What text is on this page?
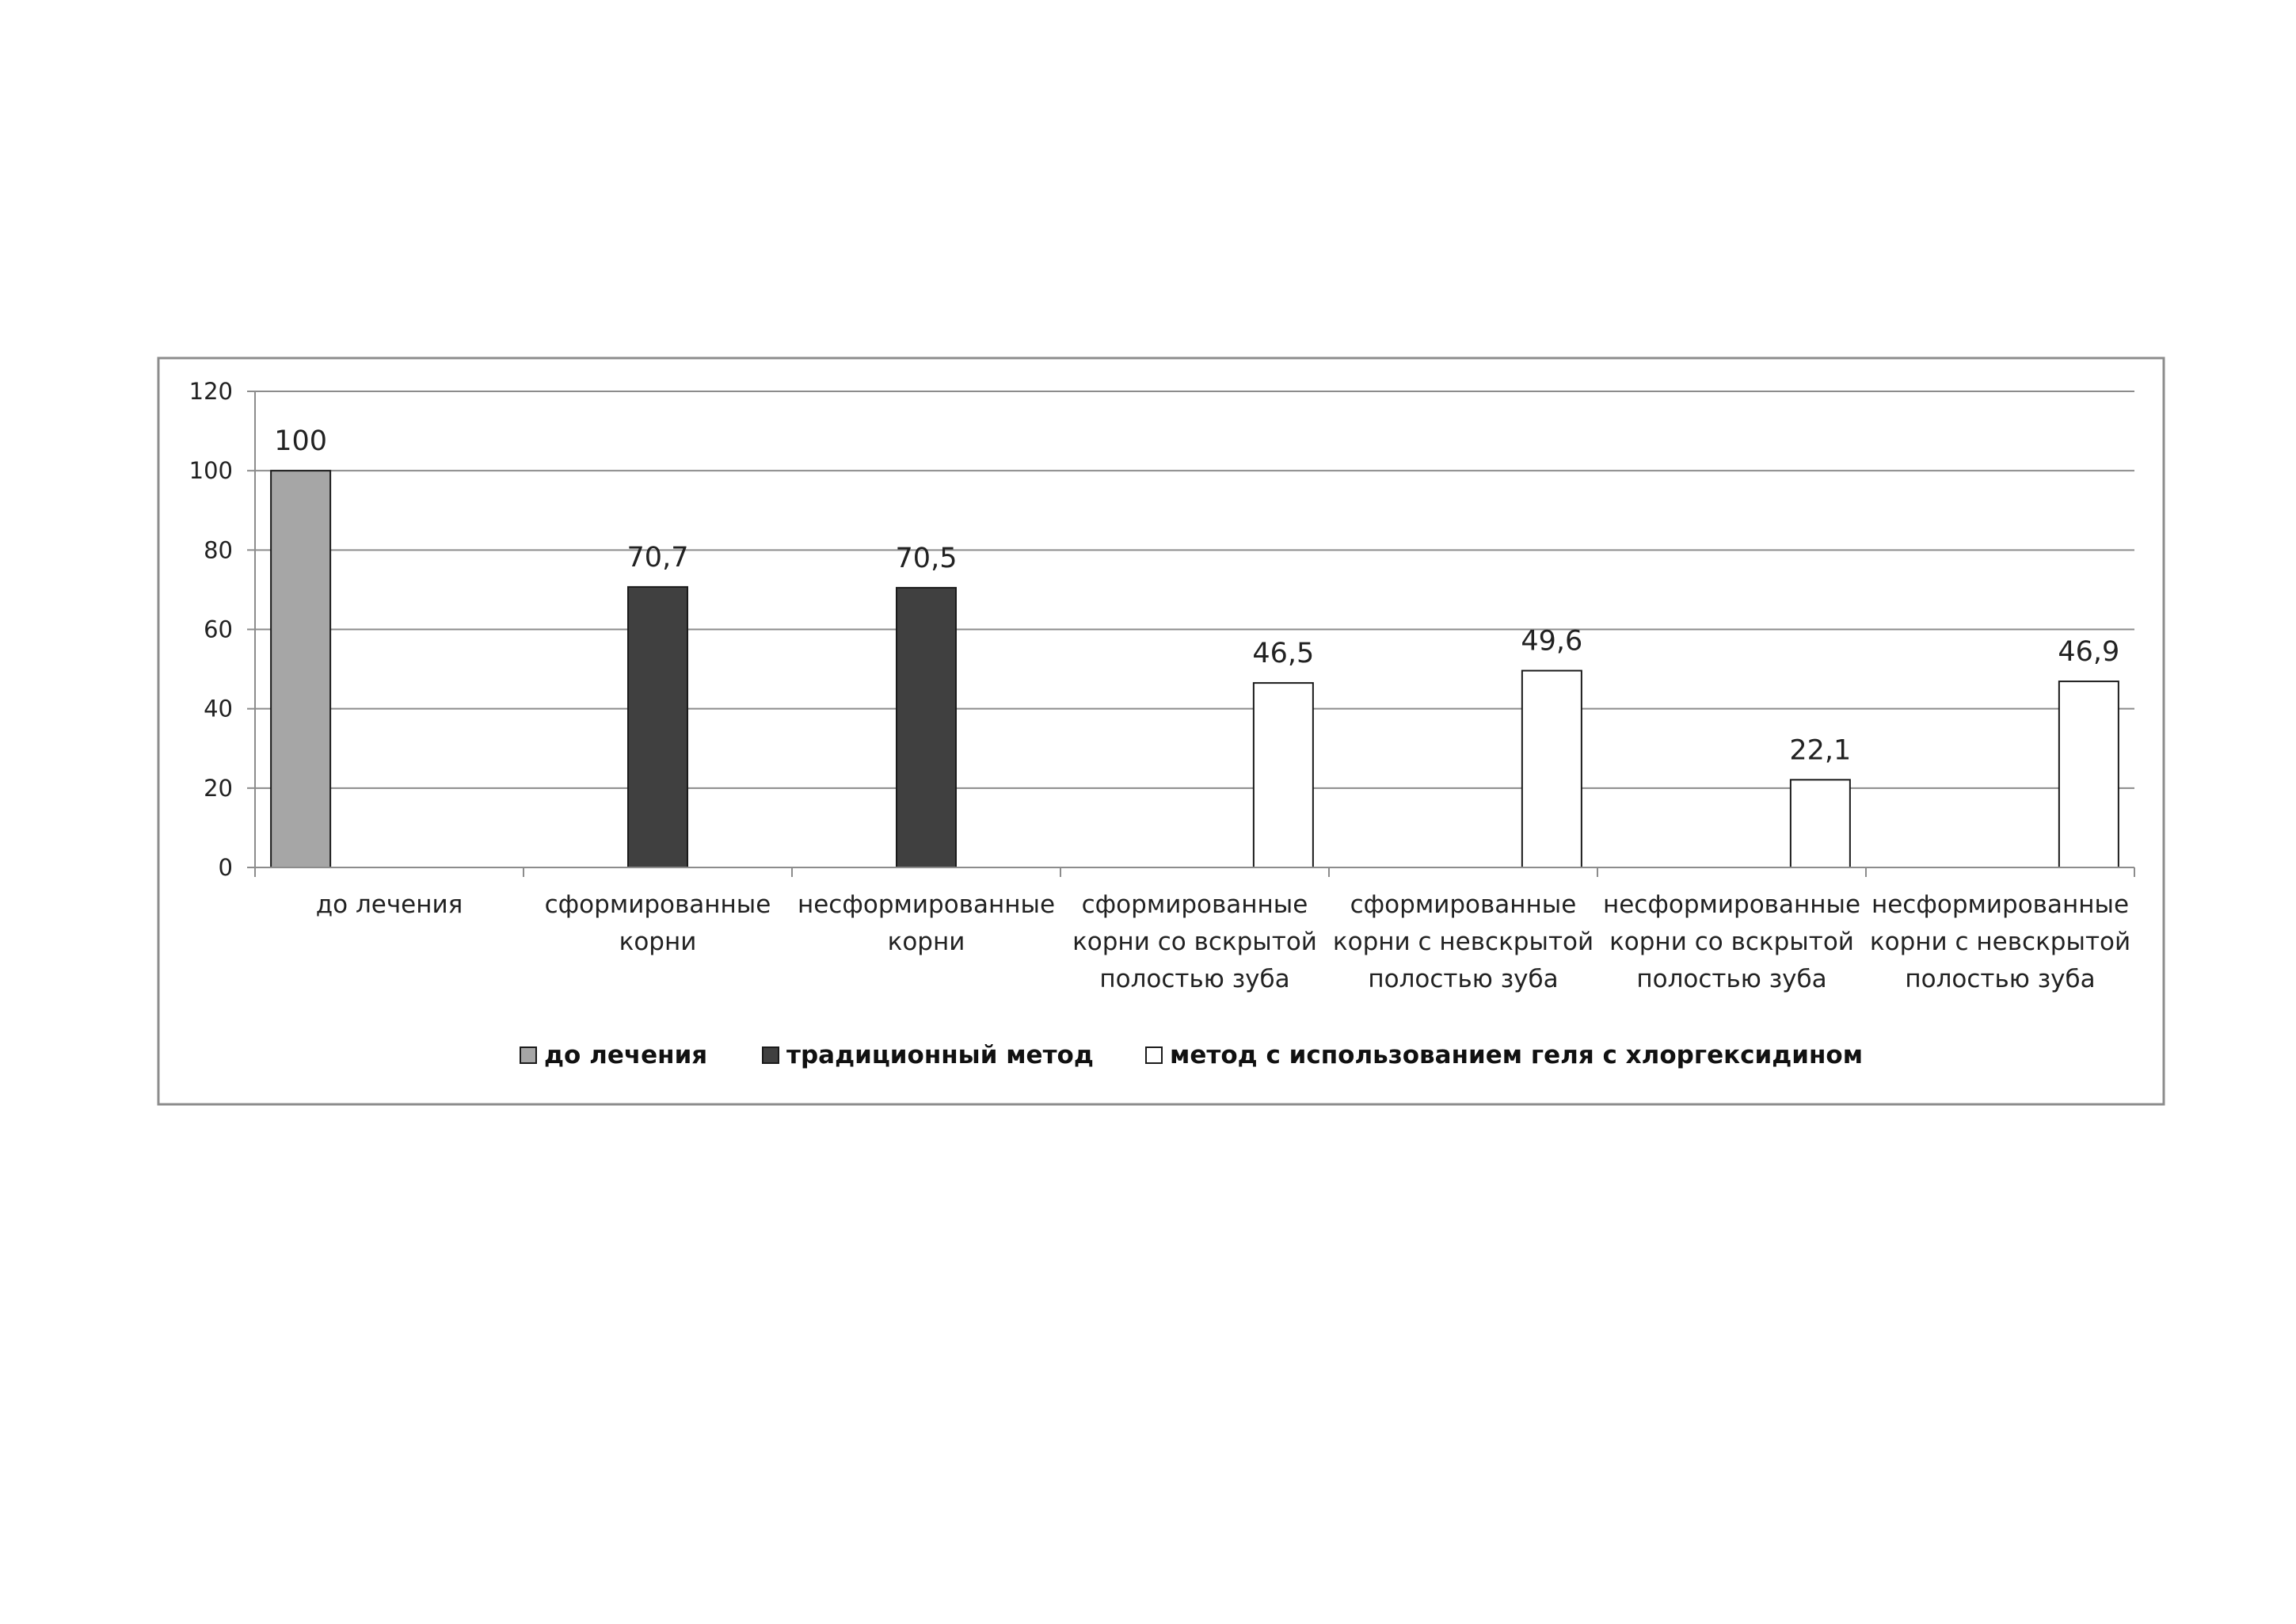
0
20
40
60
80
100
120
100
70,7	70,5
46,5	49,6
22,1
46,9
до лечения	сформированные корни
несформированные корни
сформированные корни со вскрытой полостью зуба
сформированные корни с невскрытой полостью зуба
несформированные корни со вскрытой полостью зуба
несформированные корни с невскрытой полостью зуба
до лечения	традиционный метод	метод с использованием геля с хлоргексидином
